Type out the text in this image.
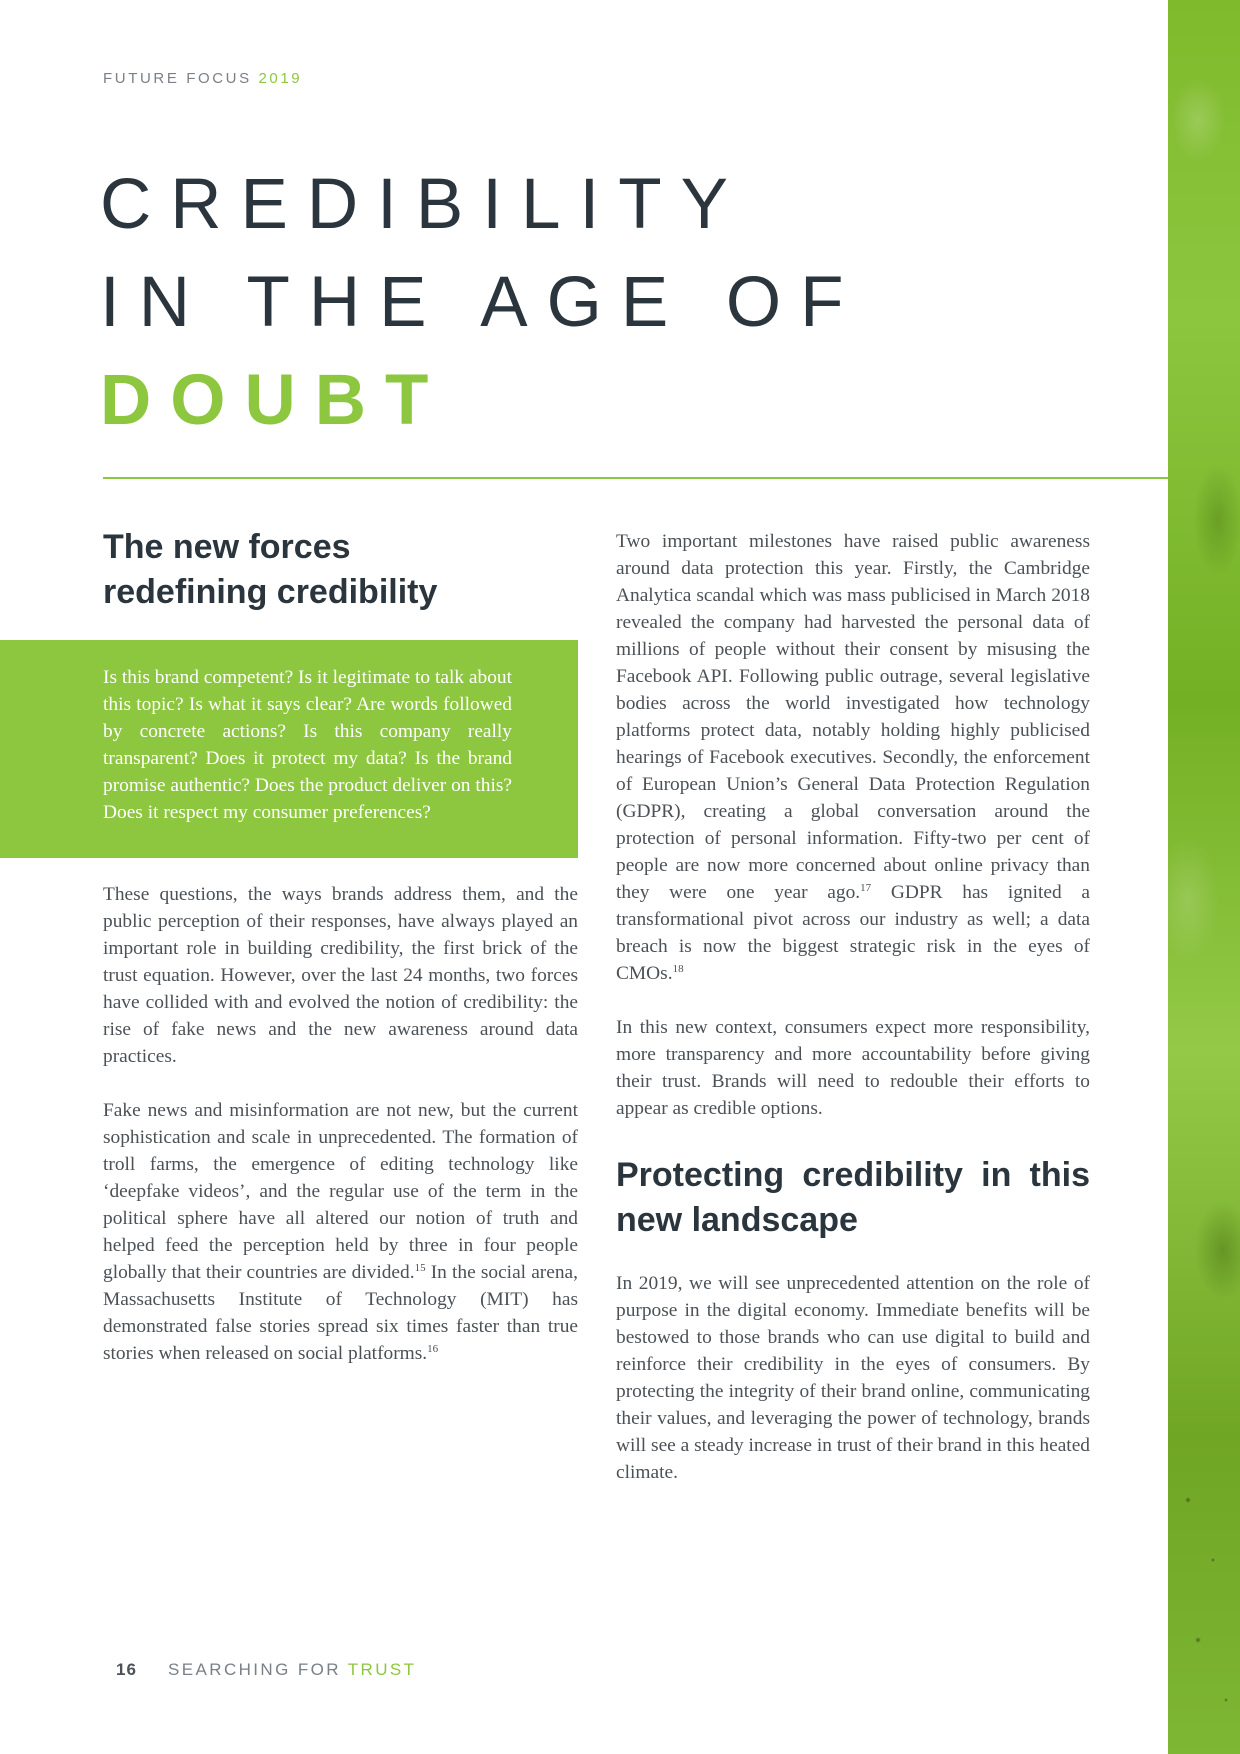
FUTURE FOCUS 2019
CREDIBILITY
IN THE AGE OF
DOUBT
The new forces
redefining credibility

Is this brand competent? Is it legitimate to talk about this topic? Is what it says clear? Are words followed by concrete actions? Is this company really transparent? Does it protect my data? Is the brand promise authentic? Does the product deliver on this? Does it respect my consumer preferences?

These questions, the ways brands address them, and the public perception of their responses, have always played an important role in building credibility, the first brick of the trust equation. However, over the last 24 months, two forces have collided with and evolved the notion of credibility: the rise of fake news and the new awareness around data practices.

Fake news and misinformation are not new, but the current sophistication and scale in unprecedented. The formation of troll farms, the emergence of editing technology like ‘deepfake videos’, and the regular use of the term in the political sphere have all altered our notion of truth and helped feed the perception held by three in four people globally that their countries are divided.$^{15}$ In the social arena, Massachusetts Institute of Technology (MIT) has demonstrated false stories spread six times faster than true stories when released on social platforms.$^{16}$

Two important milestones have raised public awareness around data protection this year. Firstly, the Cambridge Analytica scandal which was mass publicised in March 2018 revealed the company had harvested the personal data of millions of people without their consent by misusing the Facebook API. Following public outrage, several legislative bodies across the world investigated how technology platforms protect data, notably holding highly publicised hearings of Facebook executives. Secondly, the enforcement of European Union’s General Data Protection Regulation (GDPR), creating a global conversation around the protection of personal information. Fifty-two per cent of people are now more concerned about online privacy than they were one year ago.$^{17}$ GDPR has ignited a transformational pivot across our industry as well; a data breach is now the biggest strategic risk in the eyes of CMOs.$^{18}$

In this new context, consumers expect more responsibility, more transparency and more accountability before giving their trust. Brands will need to redouble their efforts to appear as credible options.

Protecting credibility in this new landscape

In 2019, we will see unprecedented attention on the role of purpose in the digital economy. Immediate benefits will be bestowed to those brands who can use digital to build and reinforce their credibility in the eyes of consumers. By protecting the integrity of their brand online, communicating their values, and leveraging the power of technology, brands will see a steady increase in trust of their brand in this heated climate.

16 SEARCHING FOR TRUST
